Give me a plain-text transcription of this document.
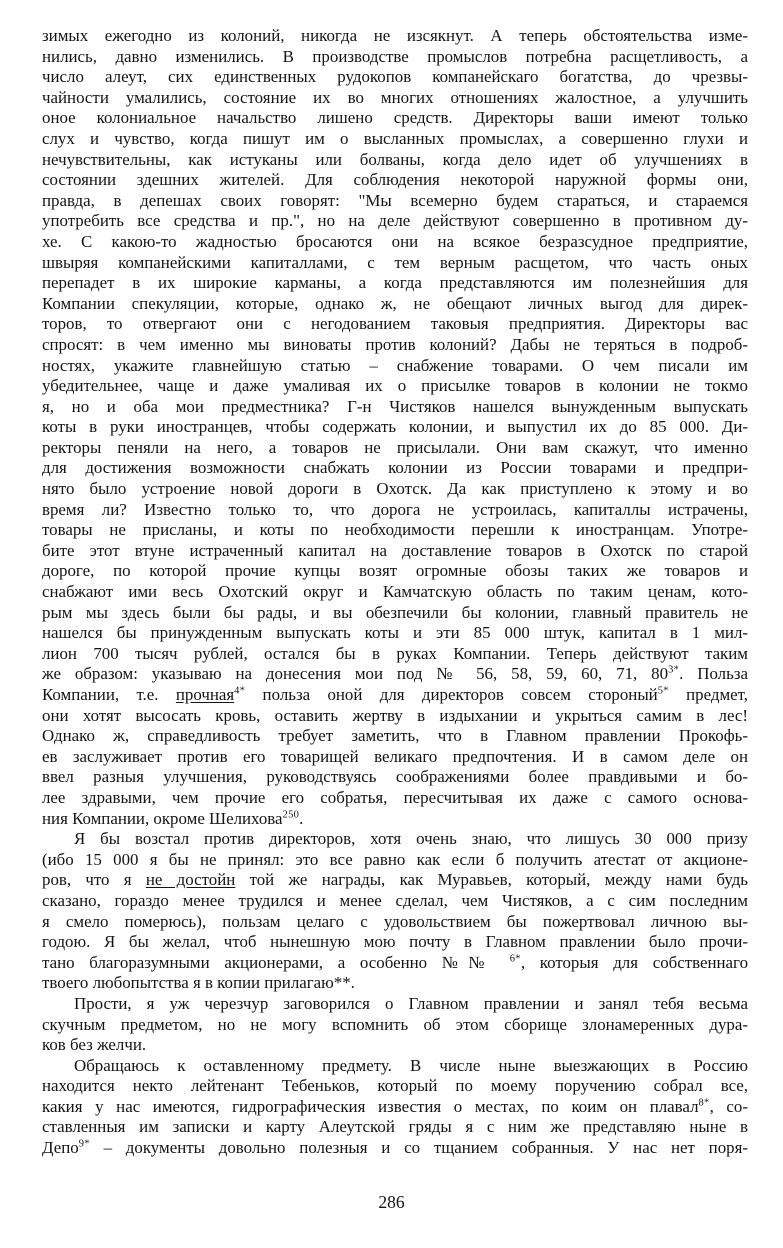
зимых ежегодно из колоний, никогда не изсякнут. А теперь обстоятельства изме-
нились, давно изменились. В производстве промыслов потребна расщетливость, а
число алеут, сих единственных рудокопов компанейскаго богатства, до чрезвы-
чайности умалились, состояние их во многих отношениях жалостное, а улучшить
оное колониальное начальство лишено средств. Директоры ваши имеют только
слух и чувство, когда пишут им о высланных промыслах, а совершенно глухи и
нечувствительны, как истуканы или болваны, когда дело идет об улучшениях в
состоянии здешних жителей. Для соблюдения некоторой наружной формы они,
правда, в депешах своих говорят: "Мы всемерно будем стараться, и стараемся
употребить все средства и пр.", но на деле действуют совершенно в противном ду-
хе. С какою-то жадностью бросаются они на всякое безразсудное предприятие,
швыряя компанейскими капиталлами, с тем верным расщетом, что часть оных
перепадет в их широкие карманы, а когда представляются им полезнейшия для
Компании спекуляции, которые, однако ж, не обещают личных выгод для дирек-
торов, то отвергают они с негодованием таковыя предприятия. Директоры вас
спросят: в чем именно мы виноваты против колоний? Дабы не теряться в подроб-
ностях, укажите главнейшую статью – снабжение товарами. О чем писали им
убедительнее, чаще и даже умаливая их о присылке товаров в колонии не токмо
я, но и оба мои предместника? Г-н Чистяков нашелся вынужденным выпускать
коты в руки иностранцев, чтобы содержать колонии, и выпустил их до 85 000. Ди-
ректоры пеняли на него, а товаров не присылали. Они вам скажут, что именно
для достижения возможности снабжать колонии из России товарами и предпри-
нято было устроение новой дороги в Охотск. Да как приступлено к этому и во
время ли? Известно только то, что дорога не устроилась, капиталлы истрачены,
товары не присланы, и коты по необходимости перешли к иностранцам. Употре-
бите этот втуне истраченный капитал на доставление товаров в Охотск по старой
дороге, по которой прочие купцы возят огромные обозы таких же товаров и
снабжают ими весь Охотский округ и Камчатскую область по таким ценам, кото-
рым мы здесь были бы рады, и вы обезпечили бы колонии, главный правитель не
нашелся бы принужденным выпускать коты и эти 85 000 штук, капитал в 1 мил-
лион 700 тысяч рублей, остался бы в руках Компании. Теперь действуют таким
же образом: указываю на донесения мои под № 56, 58, 59, 60, 71, 80$^{3*}$. Польза
Компании, т.е. прочная$^{4*}$ польза оной для директоров совсем стороный$^{5*}$ предмет,
они хотят высосать кровь, оставить жертву в издыхании и укрыться самим в лес!
Однако ж, справедливость требует заметить, что в Главном правлении Прокофь-
ев заслуживает против его товарищей великаго предпочтения. И в самом деле он
ввел разныя улучшения, руководствуясь соображениями более правдивыми и бо-
лее здравыми, чем прочие его собратья, пересчитывая их даже с самого основа-
ния Компании, окроме Шелихова$^{250}$.
Я бы возстал против директоров, хотя очень знаю, что лишусь 30 000 призу
(ибо 15 000 я бы не принял: это все равно как если б получить атестат от акционе-
ров, что я не достойн той же награды, как Муравьев, который, между нами будь
сказано, гораздо менее трудился и менее сделал, чем Чистяков, а с сим последним
я смело померюсь), пользам целаго с удовольствием бы пожертвовал личною вы-
годою. Я бы желал, чтоб нынешную мою почту в Главном правлении было прочи-
тано благоразумными акционерами, а особенно №№ $^{6*}$, которыя для собственнаго
твоего любопытства я в копии прилагаю**.
Прости, я уж черезчур заговорился о Главном правлении и занял тебя весьма
скучным предметом, но не могу вспомнить об этом сборище злонамеренных дура-
ков без желчи.
Обращаюсь к оставленному предмету. В числе ныне выезжающих в Россию
находится некто лейтенант Тебеньков, который по моему поручению собрал все,
какия у нас имеются, гидрографическия известия о местах, по коим он плавал$^{8*}$, со-
ставленныя им записки и карту Алеутской гряды я с ним же представляю ныне в
Депо$^{9*}$ – документы довольно полезныя и со тщанием собранныя. У нас нет поря-
286
